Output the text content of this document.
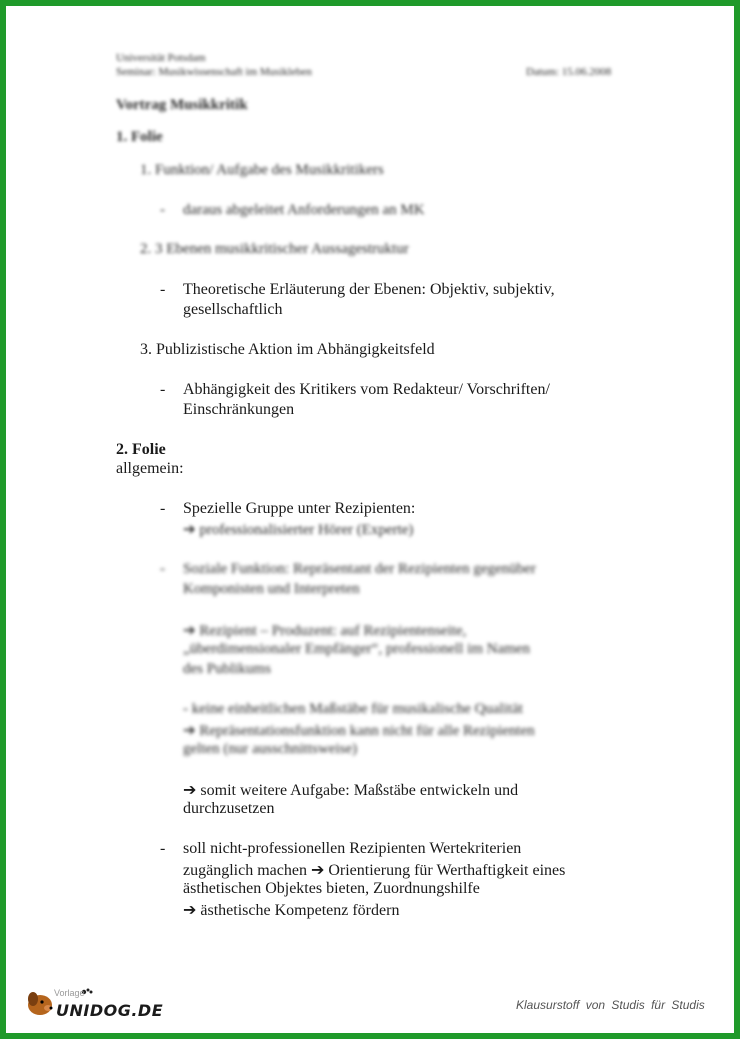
Universität Potsdam
Seminar: Musikwissenschaft im Musikleben	Datum: 15.06.2008
Vortrag Musikkritik
1. Folie
1. Funktion/ Aufgabe des Musikkritikers
- daraus abgeleitet Anforderungen an MK
2. 3 Ebenen musikkritischer Aussagestruktur
- Theoretische Erläuterung der Ebenen: Objektiv, subjektiv,
gesellschaftlich
3. Publizistische Aktion im Abhängigkeitsfeld
- Abhängigkeit des Kritikers vom Redakteur/ Vorschriften/
Einschränkungen
2. Folie
allgemein:
- Spezielle Gruppe unter Rezipienten:
➔ professionalisierter Hörer (Experte)
- Soziale Funktion: Repräsentant der Rezipienten gegenüber
Komponisten und Interpreten
➔ Rezipient – Produzent: auf Rezipientenseite,
„überdimensionaler Empfänger“, professionell im Namen
des Publikums
- keine einheitlichen Maßstäbe für musikalische Qualität
➔ Repräsentationsfunktion kann nicht für alle Rezipienten
gelten (nur ausschnittsweise)
➔ somit weitere Aufgabe: Maßstäbe entwickeln und
durchzusetzen
- soll nicht-professionellen Rezipienten Wertekriterien
zugänglich machen ➔ Orientierung für Werthaftigkeit eines
ästhetischen Objektes bieten, Zuordnungshilfe
➔ ästhetische Kompetenz fördern
Vorlage
UNIDOG.DE	Klausurstoff von Studis für Studis
